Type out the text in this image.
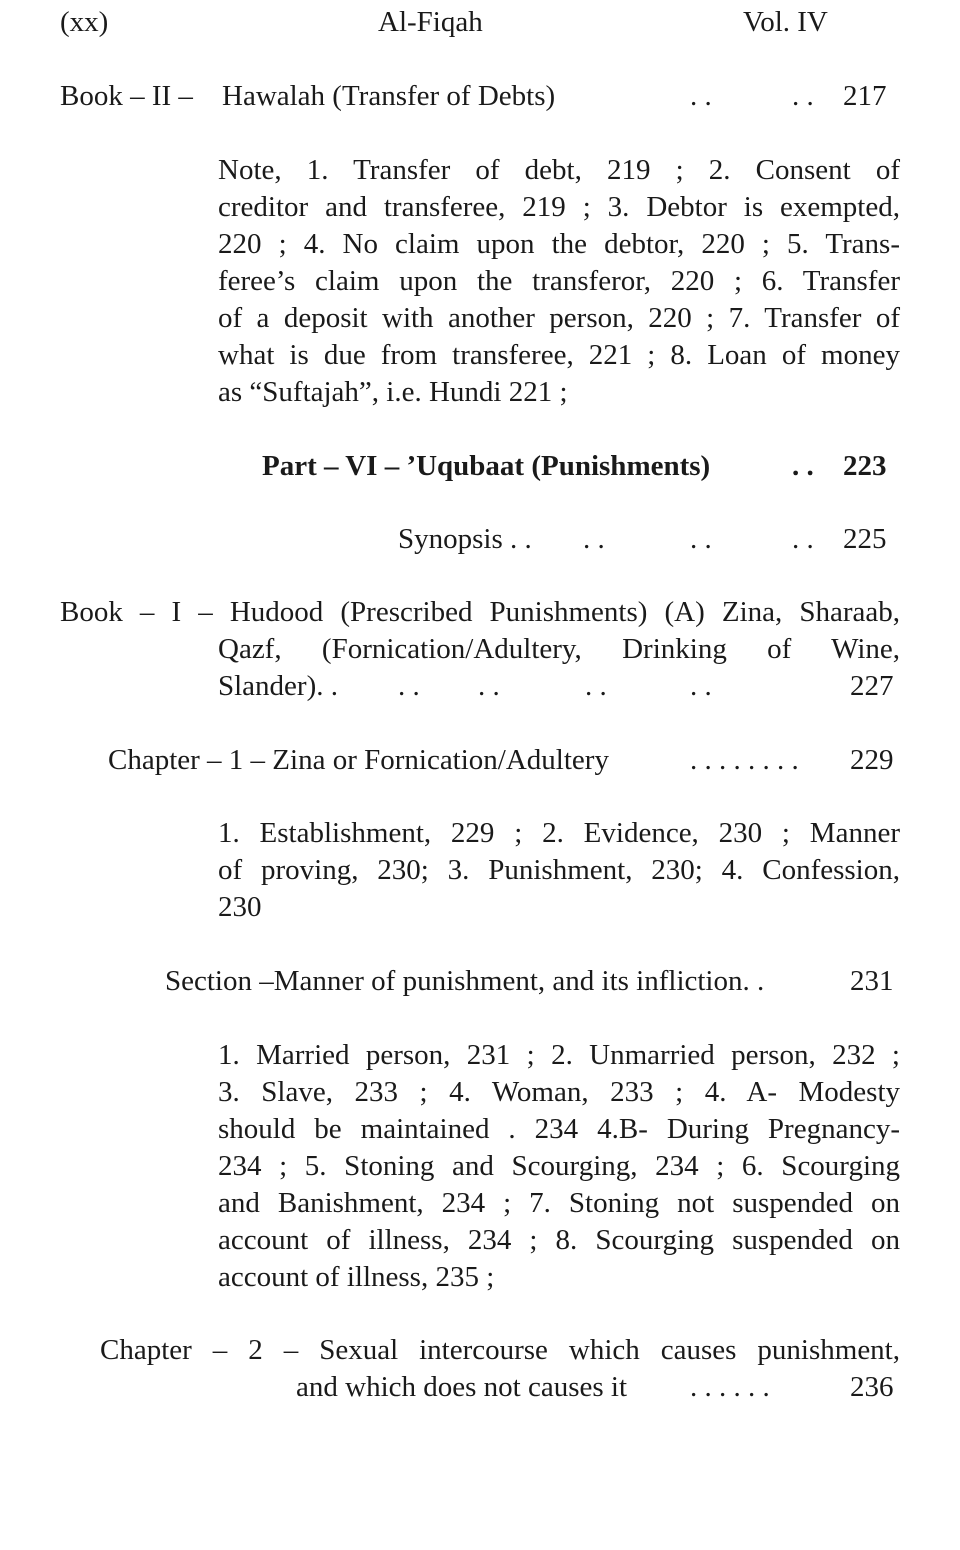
(xx)	Al-Fiqah	Vol. IV
Book – II – Hawalah (Transfer of Debts)	. .	. . 217
Note, 1. Transfer of debt, 219 ; 2. Consent of
creditor and transferee, 219 ; 3. Debtor is exempted,
220 ; 4. No claim upon the debtor, 220 ; 5. Trans-
feree’s claim upon the transferor, 220 ; 6. Transfer
of a deposit with another person, 220 ; 7. Transfer of
what is due from transferee, 221 ; 8. Loan of money
as “Suftajah”, i.e. Hundi 221 ;
Part – VI – ’Uqubaat (Punishments)	. . 223
Synopsis . . . .	. .	. . 225
Book – I – Hudood (Prescribed Punishments) (A) Zina, Sharaab,
Qazf, (Fornication/Adultery, Drinking of Wine,
Slander). . . . . .	. .	. .	227
Chapter – 1 – Zina or Fornication/Adultery	. . . . . . . . 229
1. Establishment, 229 ; 2. Evidence, 230 ; Manner
of proving, 230; 3. Punishment, 230; 4. Confession,
230
Section –Manner of punishment, and its infliction. .	231
1. Married person, 231 ; 2. Unmarried person, 232 ;
3. Slave, 233 ; 4. Woman, 233 ; 4. A- Modesty
should be maintained . 234 4.B- During Pregnancy-
234 ; 5. Stoning and Scourging, 234 ; 6. Scourging
and Banishment, 234 ; 7. Stoning not suspended on
account of illness, 234 ; 8. Scourging suspended on
account of illness, 235 ;
Chapter – 2 – Sexual intercourse which causes punishment,
and which does not causes it . . . . . .	236
